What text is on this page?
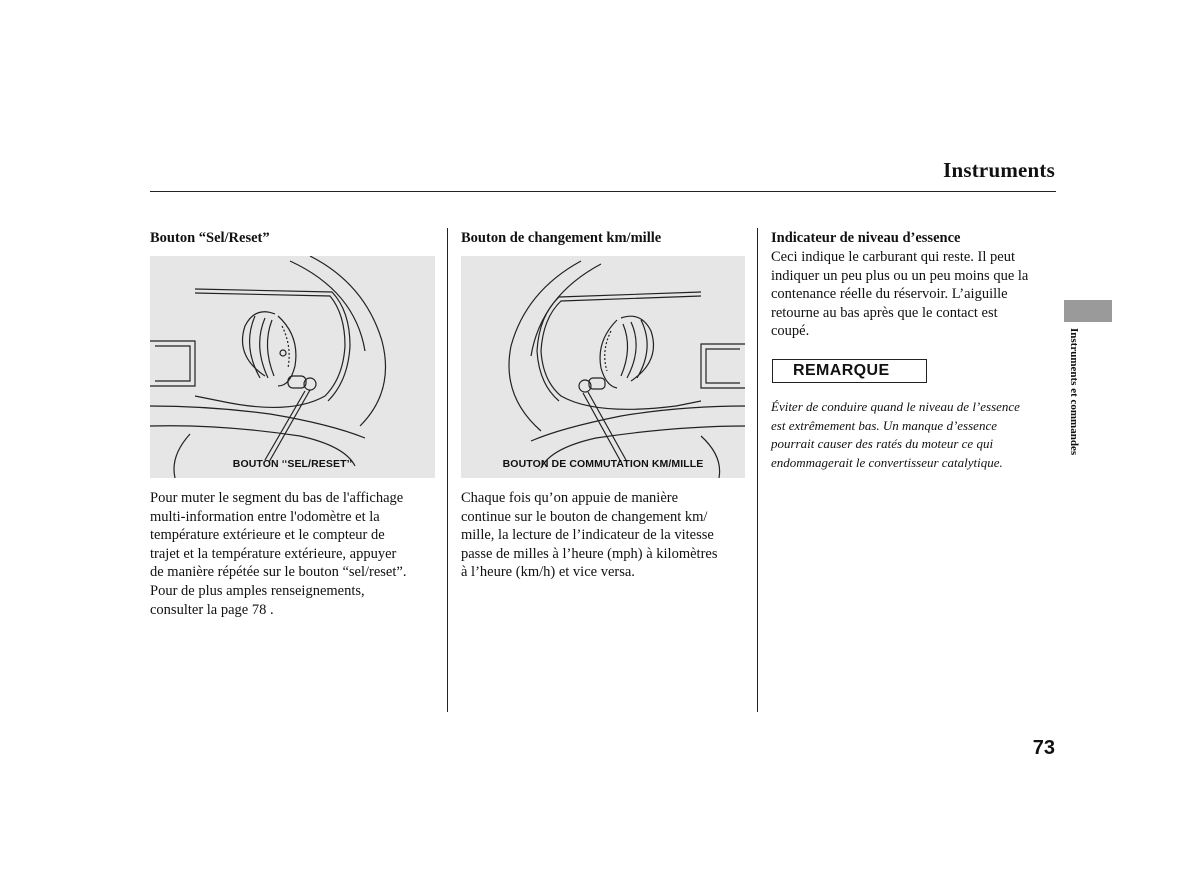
Instruments
Bouton “Sel/Reset”
BOUTON ‘‘SEL/RESET’’
Pour muter le segment du bas de l'affichage
multi-information entre l'odomètre et la
température extérieure et le compteur de
trajet et la température extérieure, appuyer
de manière répétée sur le bouton “sel/reset”.
Pour de plus amples renseignements,
consulter la page 78 .
Bouton de changement km/mille
BOUTON DE COMMUTATION KM/MILLE
Chaque fois qu’on appuie de manière
continue sur le bouton de changement km/
mille, la lecture de l’indicateur de la vitesse
passe de milles à l’heure (mph) à kilomètres
à l’heure (km/h) et vice versa.
Indicateur de niveau d’essence
Ceci indique le carburant qui reste. Il peut
indiquer un peu plus ou un peu moins que la
contenance réelle du réservoir. L’aiguille
retourne au bas après que le contact est
coupé.
REMARQUE
Éviter de conduire quand le niveau de l’essence
est extrêmement bas. Un manque d’essence
pourrait causer des ratés du moteur ce qui
endommagerait le convertisseur catalytique.
Instruments et commandes
73
